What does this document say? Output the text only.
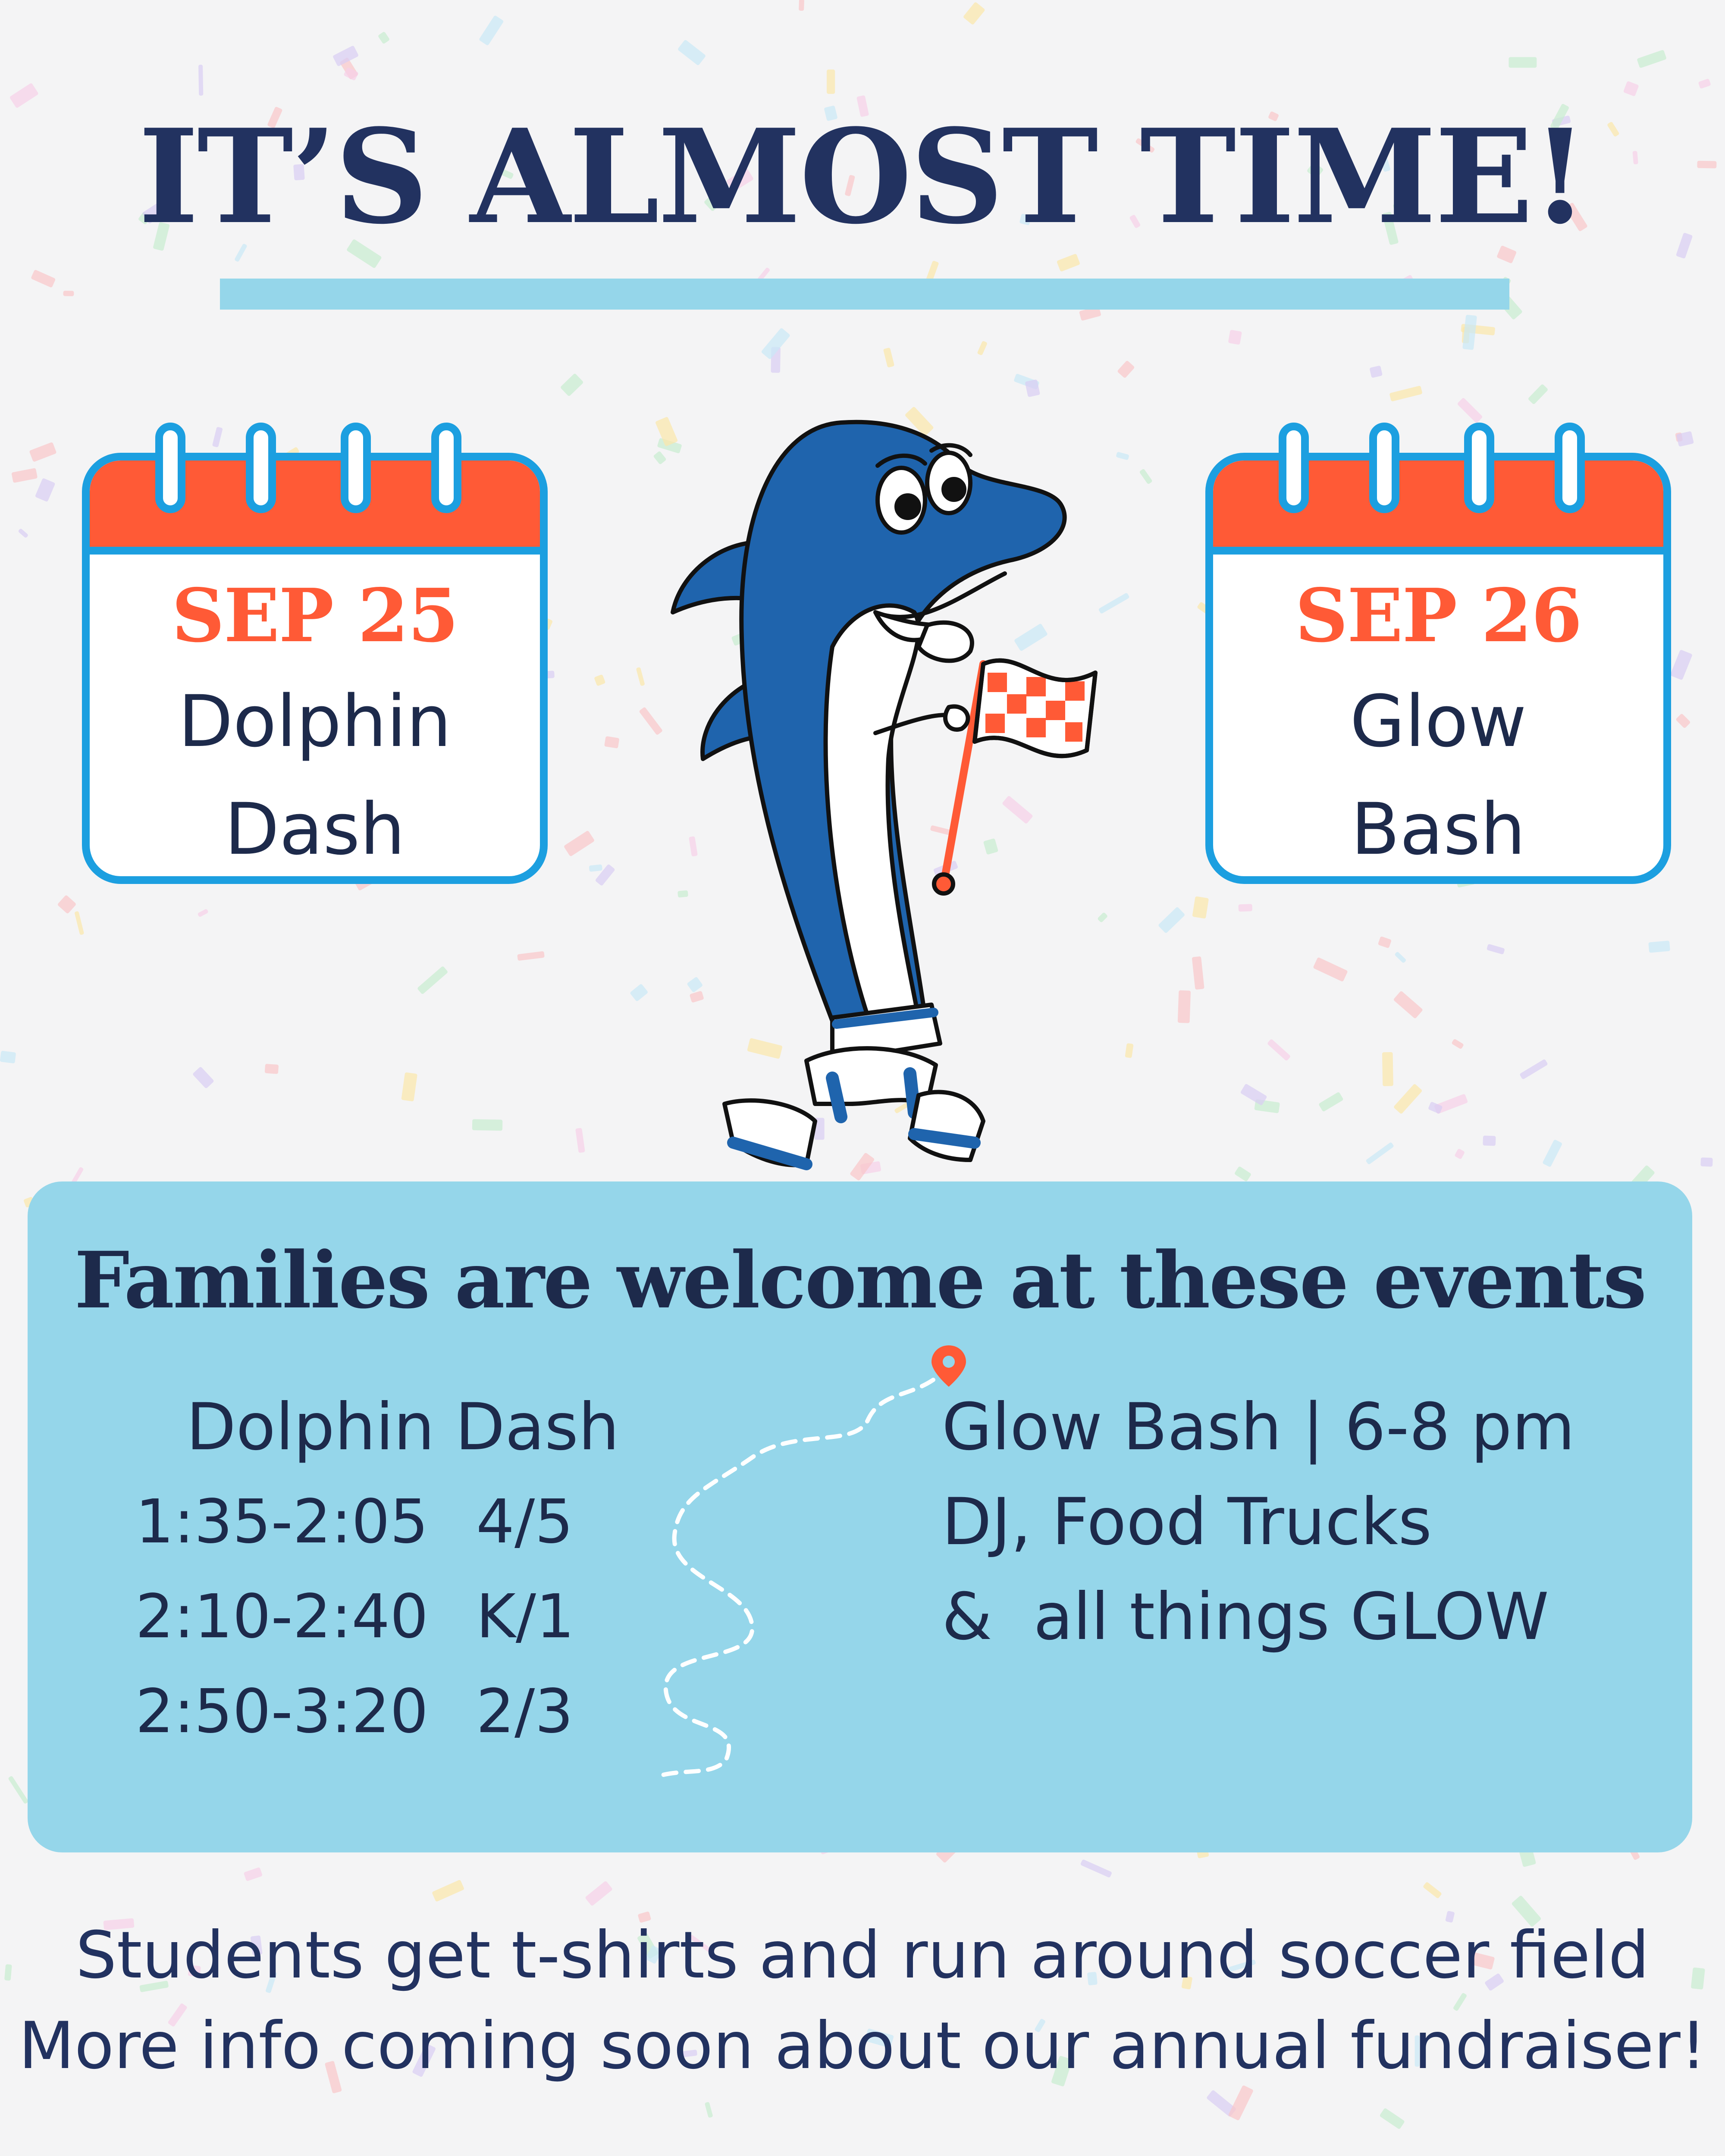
IT’S ALMOST TIME!
SEP 25
Dolphin
Dash
SEP 26
Glow
Bash
Families are welcome at these events
Dolphin Dash
1:35-2:05 4/5
2:10-2:40 K/1
2:50-3:20 2/3
Glow Bash | 6-8 pm
DJ, Food Trucks
&  all things GLOW
Students get t-shirts and run around soccer field
More info coming soon about our annual fundraiser!
